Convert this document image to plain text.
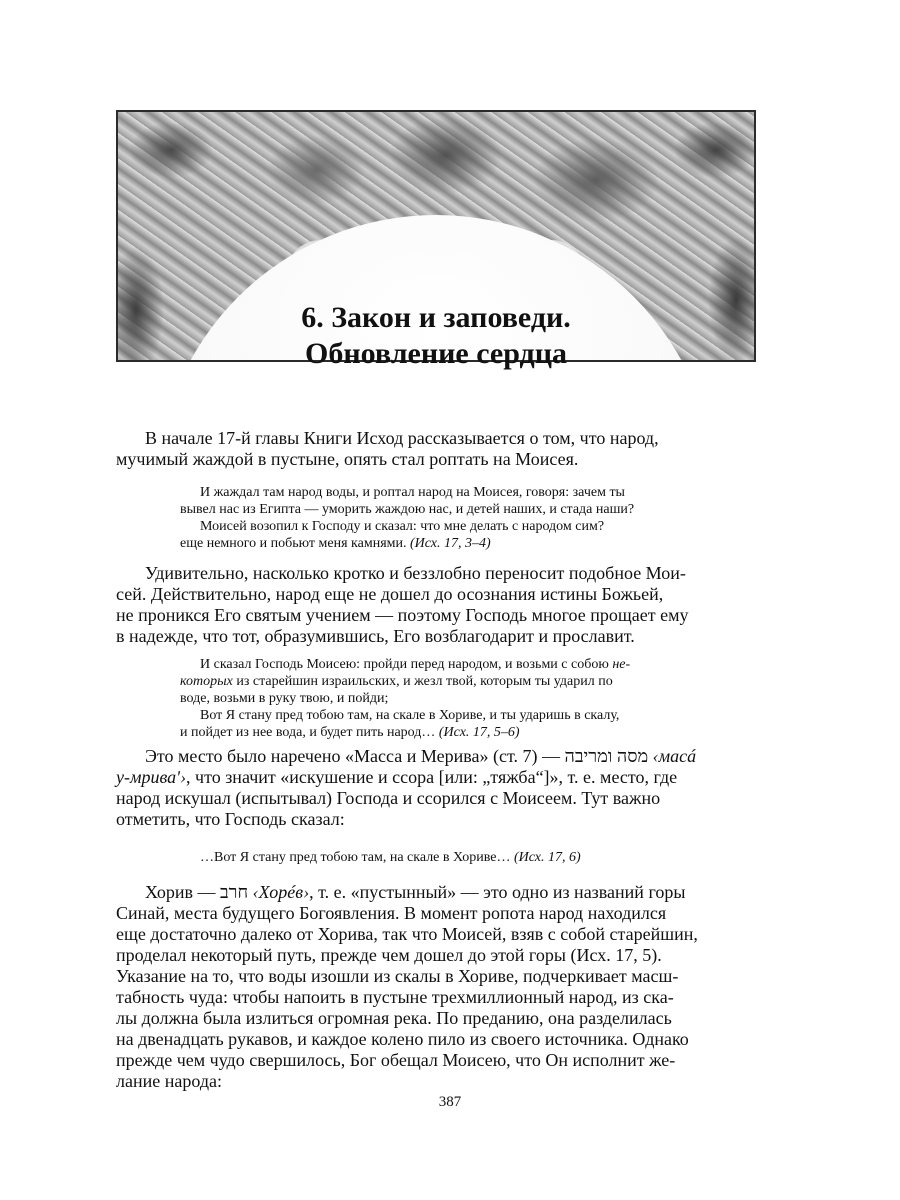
6. Закон и заповеди.
Обновление сердца

В начале 17-й главы Книги Исход рассказывается о том, что народ,
мучимый жаждой в пустыне, опять стал роптать на Моисея.

И жаждал там народ воды, и роптал народ на Моисея, говоря: зачем ты
вывел нас из Египта — уморить жаждою нас, и детей наших, и стада наши?
Моисей возопил к Господу и сказал: что мне делать с народом сим?
еще немного и побьют меня камнями. (Исх. 17, 3–4)

Удивительно, насколько кротко и беззлобно переносит подобное Мои-
сей. Действительно, народ еще не дошел до осознания истины Божьей,
не проникся Его святым учением — поэтому Господь многое прощает ему
в надежде, что тот, образумившись, Его возблагодарит и прославит.

И сказал Господь Моисею: пройди перед народом, и возьми с собою не-
которых из старейшин израильских, и жезл твой, которым ты ударил по
воде, возьми в руку твою, и пойди;
Вот Я стану пред тобою там, на скале в Хориве, и ты ударишь в скалу,
и пойдет из нее вода, и будет пить народ… (Исх. 17, 5–6)

Это место было наречено «Масса и Мерива» (ст. 7) — מסה ומריבה ‹масá
у-мриваʹ›, что значит «искушение и ссора [или: „тяжба“]», т. е. место, где
народ искушал (испытывал) Господа и ссорился с Моисеем. Тут важно
отметить, что Господь сказал:

…Вот Я стану пред тобою там, на скале в Хориве… (Исх. 17, 6)

Хорив — חרב ‹Хорéв›, т. е. «пустынный» — это одно из названий горы
Синай, места будущего Богоявления. В момент ропота народ находился
еще достаточно далеко от Хорива, так что Моисей, взяв с собой старейшин,
проделал некоторый путь, прежде чем дошел до этой горы (Исх. 17, 5).
Указание на то, что воды изошли из скалы в Хориве, подчеркивает масш-
табность чуда: чтобы напоить в пустыне трехмиллионный народ, из ска-
лы должна была излиться огромная река. По преданию, она разделилась
на двенадцать рукавов, и каждое колено пило из своего источника. Однако
прежде чем чудо свершилось, Бог обещал Моисею, что Он исполнит же-
лание народа:

387
